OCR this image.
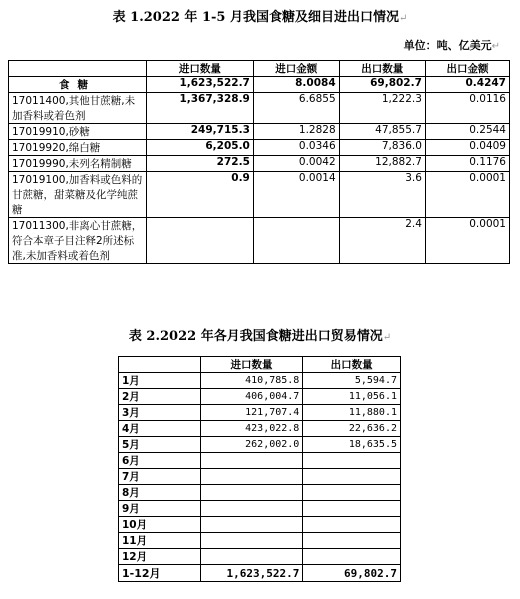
表 1.2022 年 1-5 月我国食糖及细目进出口情况↵
单位：吨、亿美元↵
	进口数量	进口金额	出口数量	出口金额
食糖	1,623,522.7	8.0084	69,802.7	0.4247
17011400,其他甘蔗糖,未加香料或着色剂	1,367,328.9	6.6855	1,222.3	0.0116
17019910,砂糖	249,715.3	1.2828	47,855.7	0.2544
17019920,绵白糖	6,205.0	0.0346	7,836.0	0.0409
17019990,未列名精制糖	272.5	0.0042	12,882.7	0.1176
17019100,加香料或色料的甘蔗糖，甜菜糖及化学纯蔗糖	0.9	0.0014	3.6	0.0001
17011300,非离心甘蔗糖，符合本章子目注释2所述标准,未加香料或着色剂			2.4	0.0001
表 2.2022 年各月我国食糖进出口贸易情况↵
	进口数量	出口数量
1月	410,785.8	5,594.7
2月	406,004.7	11,056.1
3月	121,707.4	11,880.1
4月	423,022.8	22,636.2
5月	262,002.0	18,635.5
6月		
7月		
8月		
9月		
10月		
11月		
12月		
1-12月	1,623,522.7	69,802.7
